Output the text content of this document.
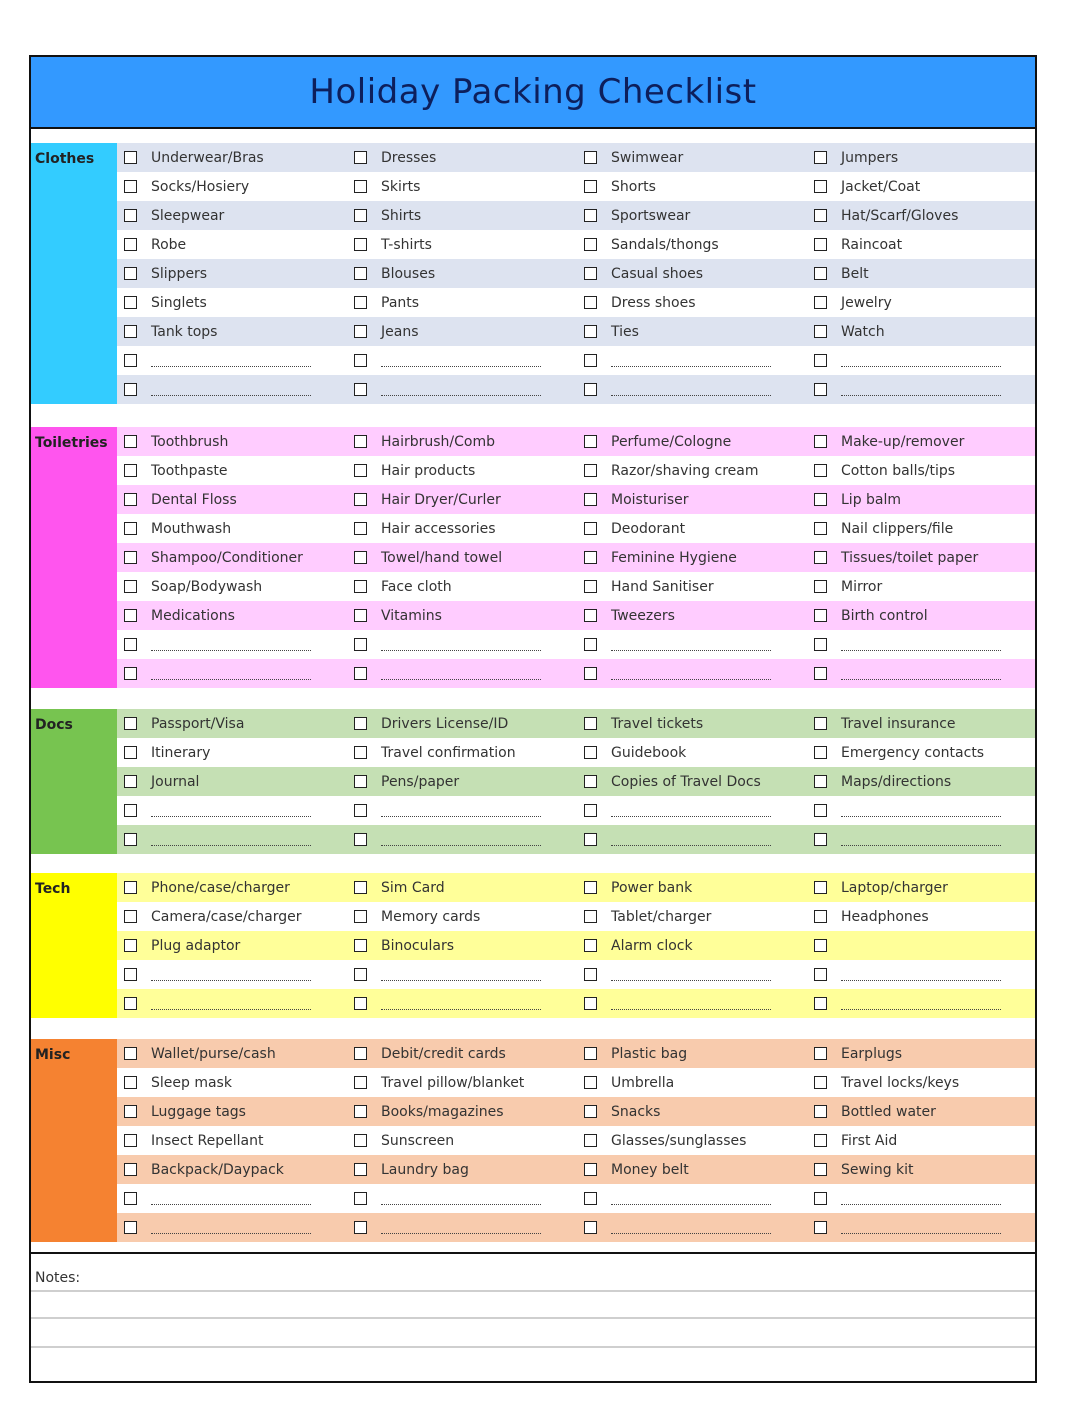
Holiday Packing Checklist
Clothes	Underwear/Bras	Dresses	Swimwear	Jumpers
Socks/Hosiery	Skirts	Shorts	Jacket/Coat
Sleepwear	Shirts	Sportswear	Hat/Scarf/Gloves
Robe	T-shirts	Sandals/thongs	Raincoat
Slippers	Blouses	Casual shoes	Belt
Singlets	Pants	Dress shoes	Jewelry
Tank tops	Jeans	Ties	Watch
Toiletries	Toothbrush	Hairbrush/Comb	Perfume/Cologne	Make-up/remover
Toothpaste	Hair products	Razor/shaving cream	Cotton balls/tips
Dental Floss	Hair Dryer/Curler	Moisturiser	Lip balm
Mouthwash	Hair accessories	Deodorant	Nail clippers/file
Shampoo/Conditioner	Towel/hand towel	Feminine Hygiene	Tissues/toilet paper
Soap/Bodywash	Face cloth	Hand Sanitiser	Mirror
Medications	Vitamins	Tweezers	Birth control
Docs	Passport/Visa	Drivers License/ID	Travel tickets	Travel insurance
Itinerary	Travel confirmation	Guidebook	Emergency contacts
Journal	Pens/paper	Copies of Travel Docs	Maps/directions
Tech	Phone/case/charger	Sim Card	Power bank	Laptop/charger
Camera/case/charger	Memory cards	Tablet/charger	Headphones
Plug adaptor	Binoculars	Alarm clock
Misc	Wallet/purse/cash	Debit/credit cards	Plastic bag	Earplugs
Sleep mask	Travel pillow/blanket	Umbrella	Travel locks/keys
Luggage tags	Books/magazines	Snacks	Bottled water
Insect Repellant	Sunscreen	Glasses/sunglasses	First Aid
Backpack/Daypack	Laundry bag	Money belt	Sewing kit
Notes:
